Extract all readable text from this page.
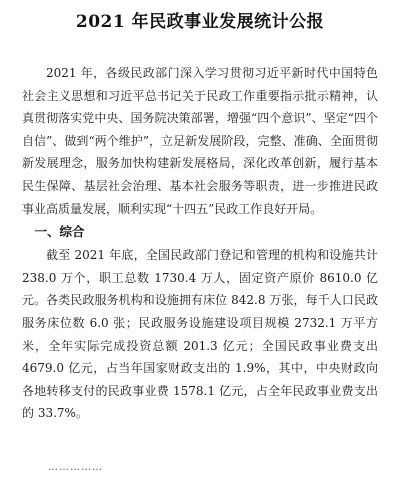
2021 年民政事业发展统计公报

2021 年，各级民政部门深入学习贯彻习近平新时代中国特色社会主义思想和习近平总书记关于民政工作重要指示批示精神，认真贯彻落实党中央、国务院决策部署，增强“四个意识”、坚定“四个自信”、做到“两个维护”，立足新发展阶段，完整、准确、全面贯彻新发展理念，服务加快构建新发展格局，深化改革创新，履行基本民生保障、基层社会治理、基本社会服务等职责，进一步推进民政事业高质量发展，顺利实现“十四五”民政工作良好开局。

一、综合

截至 2021 年底，全国民政部门登记和管理的机构和设施共计 238.0 万个，职工总数 1730.4 万人，固定资产原价 8610.0 亿元。各类民政服务机构和设施拥有床位 842.8 万张，每千人口民政服务床位数 6.0 张；民政服务设施建设项目规模 2732.1 万平方米，全年实际完成投资总额 201.3 亿元；全国民政事业费支出 4679.0 亿元，占当年国家财政支出的 1.9%，其中，中央财政向各地转移支付的民政事业费 1578.1 亿元，占全年民政事业费支出的 33.7%。

……………
